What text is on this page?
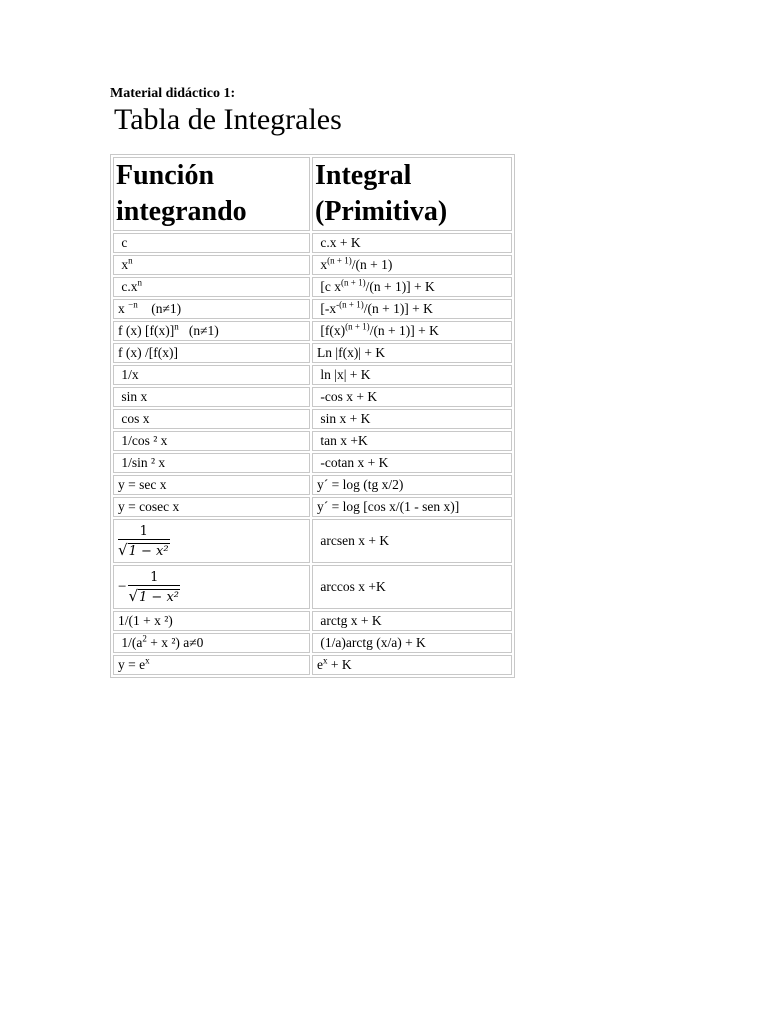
Material didáctico 1:
Tabla de Integrales
Función integrando	Integral (Primitiva)
c	c.x + K
$x^n$	$x^{(n + 1)}/(n + 1)$
$c.x^n$	[c $x^{(n + 1)}/(n + 1)] + K$
x $^{-n}$ (n≠1)	$[-x^{-(n + 1)}/(n + 1)] + K$
f (x) $[f(x)]^n$ (n≠1)	$[f(x)^{(n + 1)}/(n + 1)] + K$
f (x) /[f(x)]	Ln |f(x)| + K
1/x	ln |x| + K
sin x	-cos x + K
cos x	sin x + K
1/cos ² x	tan x +K
1/sin ² x	-cotan x + K
y = sec x	y´ = log (tg x/2)
y = cosec x	y´ = log [cos x/(1 - sen x)]

$\frac{1}{\text{√1 − x²}}$	arcsen x + K
− $\frac{1}{\text{√1 − x²}}$	arccos x +K
1/(1 + x ²)	arctg x + K
$1/(a^2 + x$ ²) a≠0	(1/a)arctg (x/a) + K
$y = e^x$	$e^x + K$
